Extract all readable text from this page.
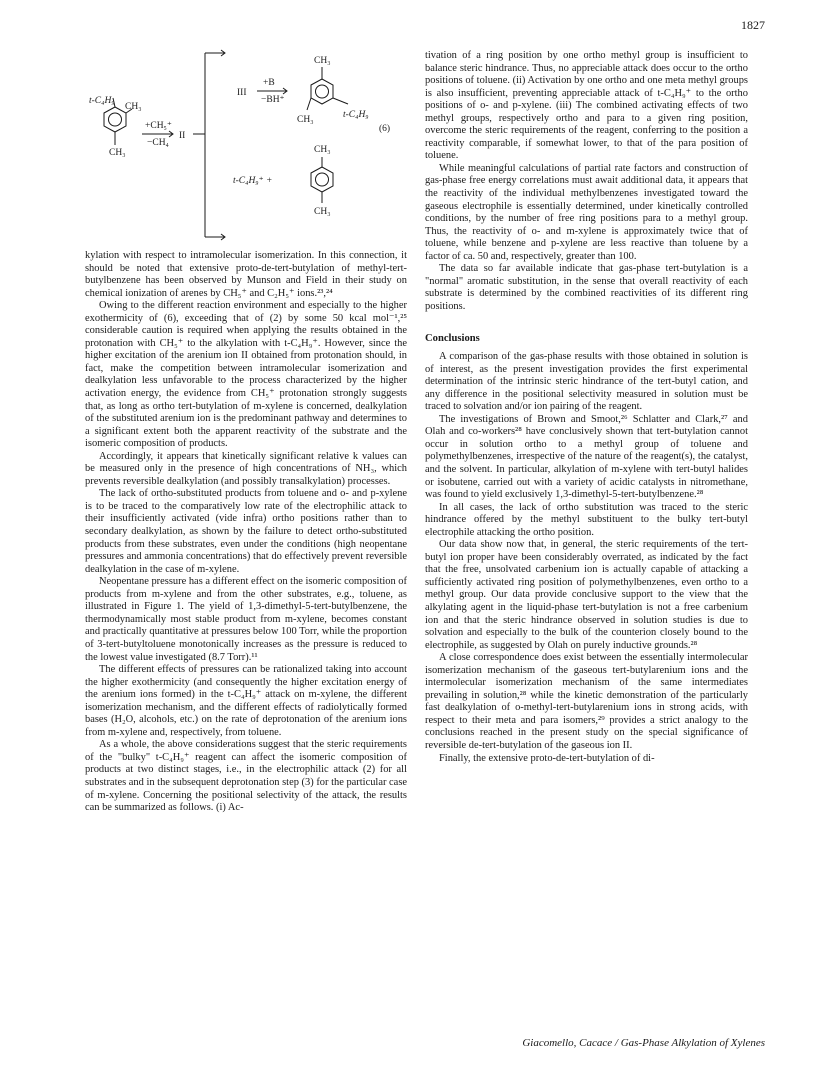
1827
t-C₄H₉
CH₃
CH₃
+CH₅⁺
−CH₄
II
III
+B
−BH⁺
CH₃
CH₃	t-C₄H₉
(6)
CH₃
CH₃
t-C₄H₉⁺ +

kylation with respect to intramolecular isomerization. In this connection, it should be noted that extensive proto-de-tert-butylation of methyl-tert-butylbenzene has been observed by Munson and Field in their study on chemical ionization of arenes by CH₅⁺ and C₂H₅⁺ ions.²³,²⁴

Owing to the different reaction environment and especially to the higher exothermicity of (6), exceeding that of (2) by some 50 kcal mol⁻¹,²⁵ considerable caution is required when applying the results obtained in the protonation with CH₅⁺ to the alkylation with t-C₄H₉⁺. However, since the higher excitation of the arenium ion II obtained from protonation should, in fact, make the competition between intramolecular isomerization and dealkylation less unfavorable to the process characterized by the higher activation energy, the evidence from CH₅⁺ protonation strongly suggests that, as long as ortho tert-butylation of m-xylene is concerned, dealkylation of the substituted arenium ion is the predominant pathway and determines to a significant extent both the apparent reactivity of the substrate and the isomeric composition of products.

Accordingly, it appears that kinetically significant relative k values can be measured only in the presence of high concentrations of NH₃, which prevents reversible dealkylation (and possibly transalkylation) processes.

The lack of ortho-substituted products from toluene and o- and p-xylene is to be traced to the comparatively low rate of the electrophilic attack to their insufficiently activated (vide infra) ortho positions rather than to secondary dealkylation, as shown by the failure to detect ortho-substituted products from these substrates, even under the conditions (high neopentane pressures and ammonia concentrations) that do effectively prevent reversible dealkylation in the case of m-xylene.

Neopentane pressure has a different effect on the isomeric composition of products from m-xylene and from the other substrates, e.g., toluene, as illustrated in Figure 1. The yield of 1,3-dimethyl-5-tert-butylbenzene, the thermodynamically most stable product from m-xylene, becomes constant and practically quantitative at pressures below 100 Torr, while the proportion of 3-tert-butyltoluene monotonically increases as the pressure is reduced to the lowest value investigated (8.7 Torr).¹¹

The different effects of pressures can be rationalized taking into account the higher exothermicity (and consequently the higher excitation energy of the arenium ions formed) in the t-C₄H₉⁺ attack on m-xylene, the different isomerization mechanism, and the different effects of radiolytically formed bases (H₂O, alcohols, etc.) on the rate of deprotonation of the arenium ions from m-xylene and, respectively, from toluene.

As a whole, the above considerations suggest that the steric requirements of the "bulky" t-C₄H₉⁺ reagent can affect the isomeric composition of products at two distinct stages, i.e., in the electrophilic attack (2) for all substrates and in the subsequent deprotonation step (3) for the particular case of m-xylene. Concerning the positional selectivity of the attack, the results can be summarized as follows. (i) Ac-

tivation of a ring position by one ortho methyl group is insufficient to balance steric hindrance. Thus, no appreciable attack does occur to the ortho positions of toluene. (ii) Activation by one ortho and one meta methyl groups is also insufficient, preventing appreciable attack of t-C₄H₉⁺ to the ortho positions of o- and p-xylene. (iii) The combined activating effects of two methyl groups, respectively ortho and para to a given ring position, overcome the steric requirements of the reagent, conferring to the position a reactivity comparable, if somewhat lower, to that of the para position of toluene.

While meaningful calculations of partial rate factors and construction of gas-phase free energy correlations must await additional data, it appears that the reactivity of the individual methylbenzenes investigated toward the gaseous electrophile is essentially determined, under kinetically controlled conditions, by the number of free ring positions para to a methyl group. Thus, the reactivity of o- and m-xylene is approximately twice that of toluene, while benzene and p-xylene are less reactive than toluene by a factor of ca. 50 and, respectively, greater than 100.

The data so far available indicate that gas-phase tert-butylation is a "normal" aromatic substitution, in the sense that overall reactivity of each substrate is determined by the combined reactivities of its different ring positions.

Conclusions

A comparison of the gas-phase results with those obtained in solution is of interest, as the present investigation provides the first experimental determination of the intrinsic steric hindrance of the tert-butyl cation, and any difference in the positional selectivity measured in solution must be traced to solvation and/or ion pairing of the reagent.

The investigations of Brown and Smoot,²⁶ Schlatter and Clark,²⁷ and Olah and co-workers²⁸ have conclusively shown that tert-butylation cannot occur in solution ortho to a methyl group of toluene and polymethylbenzenes, irrespective of the nature of the reagent(s), the catalyst, and the solvent. In particular, alkylation of m-xylene with tert-butyl halides or isobutene, carried out with a variety of acidic catalysts in nitromethane, was found to yield exclusively 1,3-dimethyl-5-tert-butylbenzene.²⁸

In all cases, the lack of ortho substitution was traced to the steric hindrance offered by the methyl substituent to the bulky tert-butyl electrophile attacking the ortho position.

Our data show now that, in general, the steric requirements of the tert-butyl ion proper have been considerably overrated, as indicated by the fact that the free, unsolvated carbenium ion is actually capable of attacking a sufficiently activated ring position of polymethylbenzenes, even ortho to a methyl group. Our data provide conclusive support to the view that the alkylating agent in the liquid-phase tert-butylation is not a free carbenium ion and that the steric hindrance observed in solution studies is due to solvation and especially to the bulk of the counterion closely bound to the electrophile, as suggested by Olah on purely inductive grounds.²⁸

A close correspondence does exist between the essentially intermolecular isomerization mechanism of the gaseous tert-butylarenium ions and the intermolecular isomerization mechanism of the same intermediates prevailing in solution,²⁸ while the kinetic demonstration of the particularly fast dealkylation of o-methyl-tert-butylarenium ions in strong acids, with respect to their meta and para isomers,²⁹ provides a strict analogy to the conclusions reached in the present study on the special significance of reversible de-tert-butylation of the gaseous ion II.

Finally, the extensive proto-de-tert-butylation of di-

Giacomello, Cacace / Gas-Phase Alkylation of Xylenes
